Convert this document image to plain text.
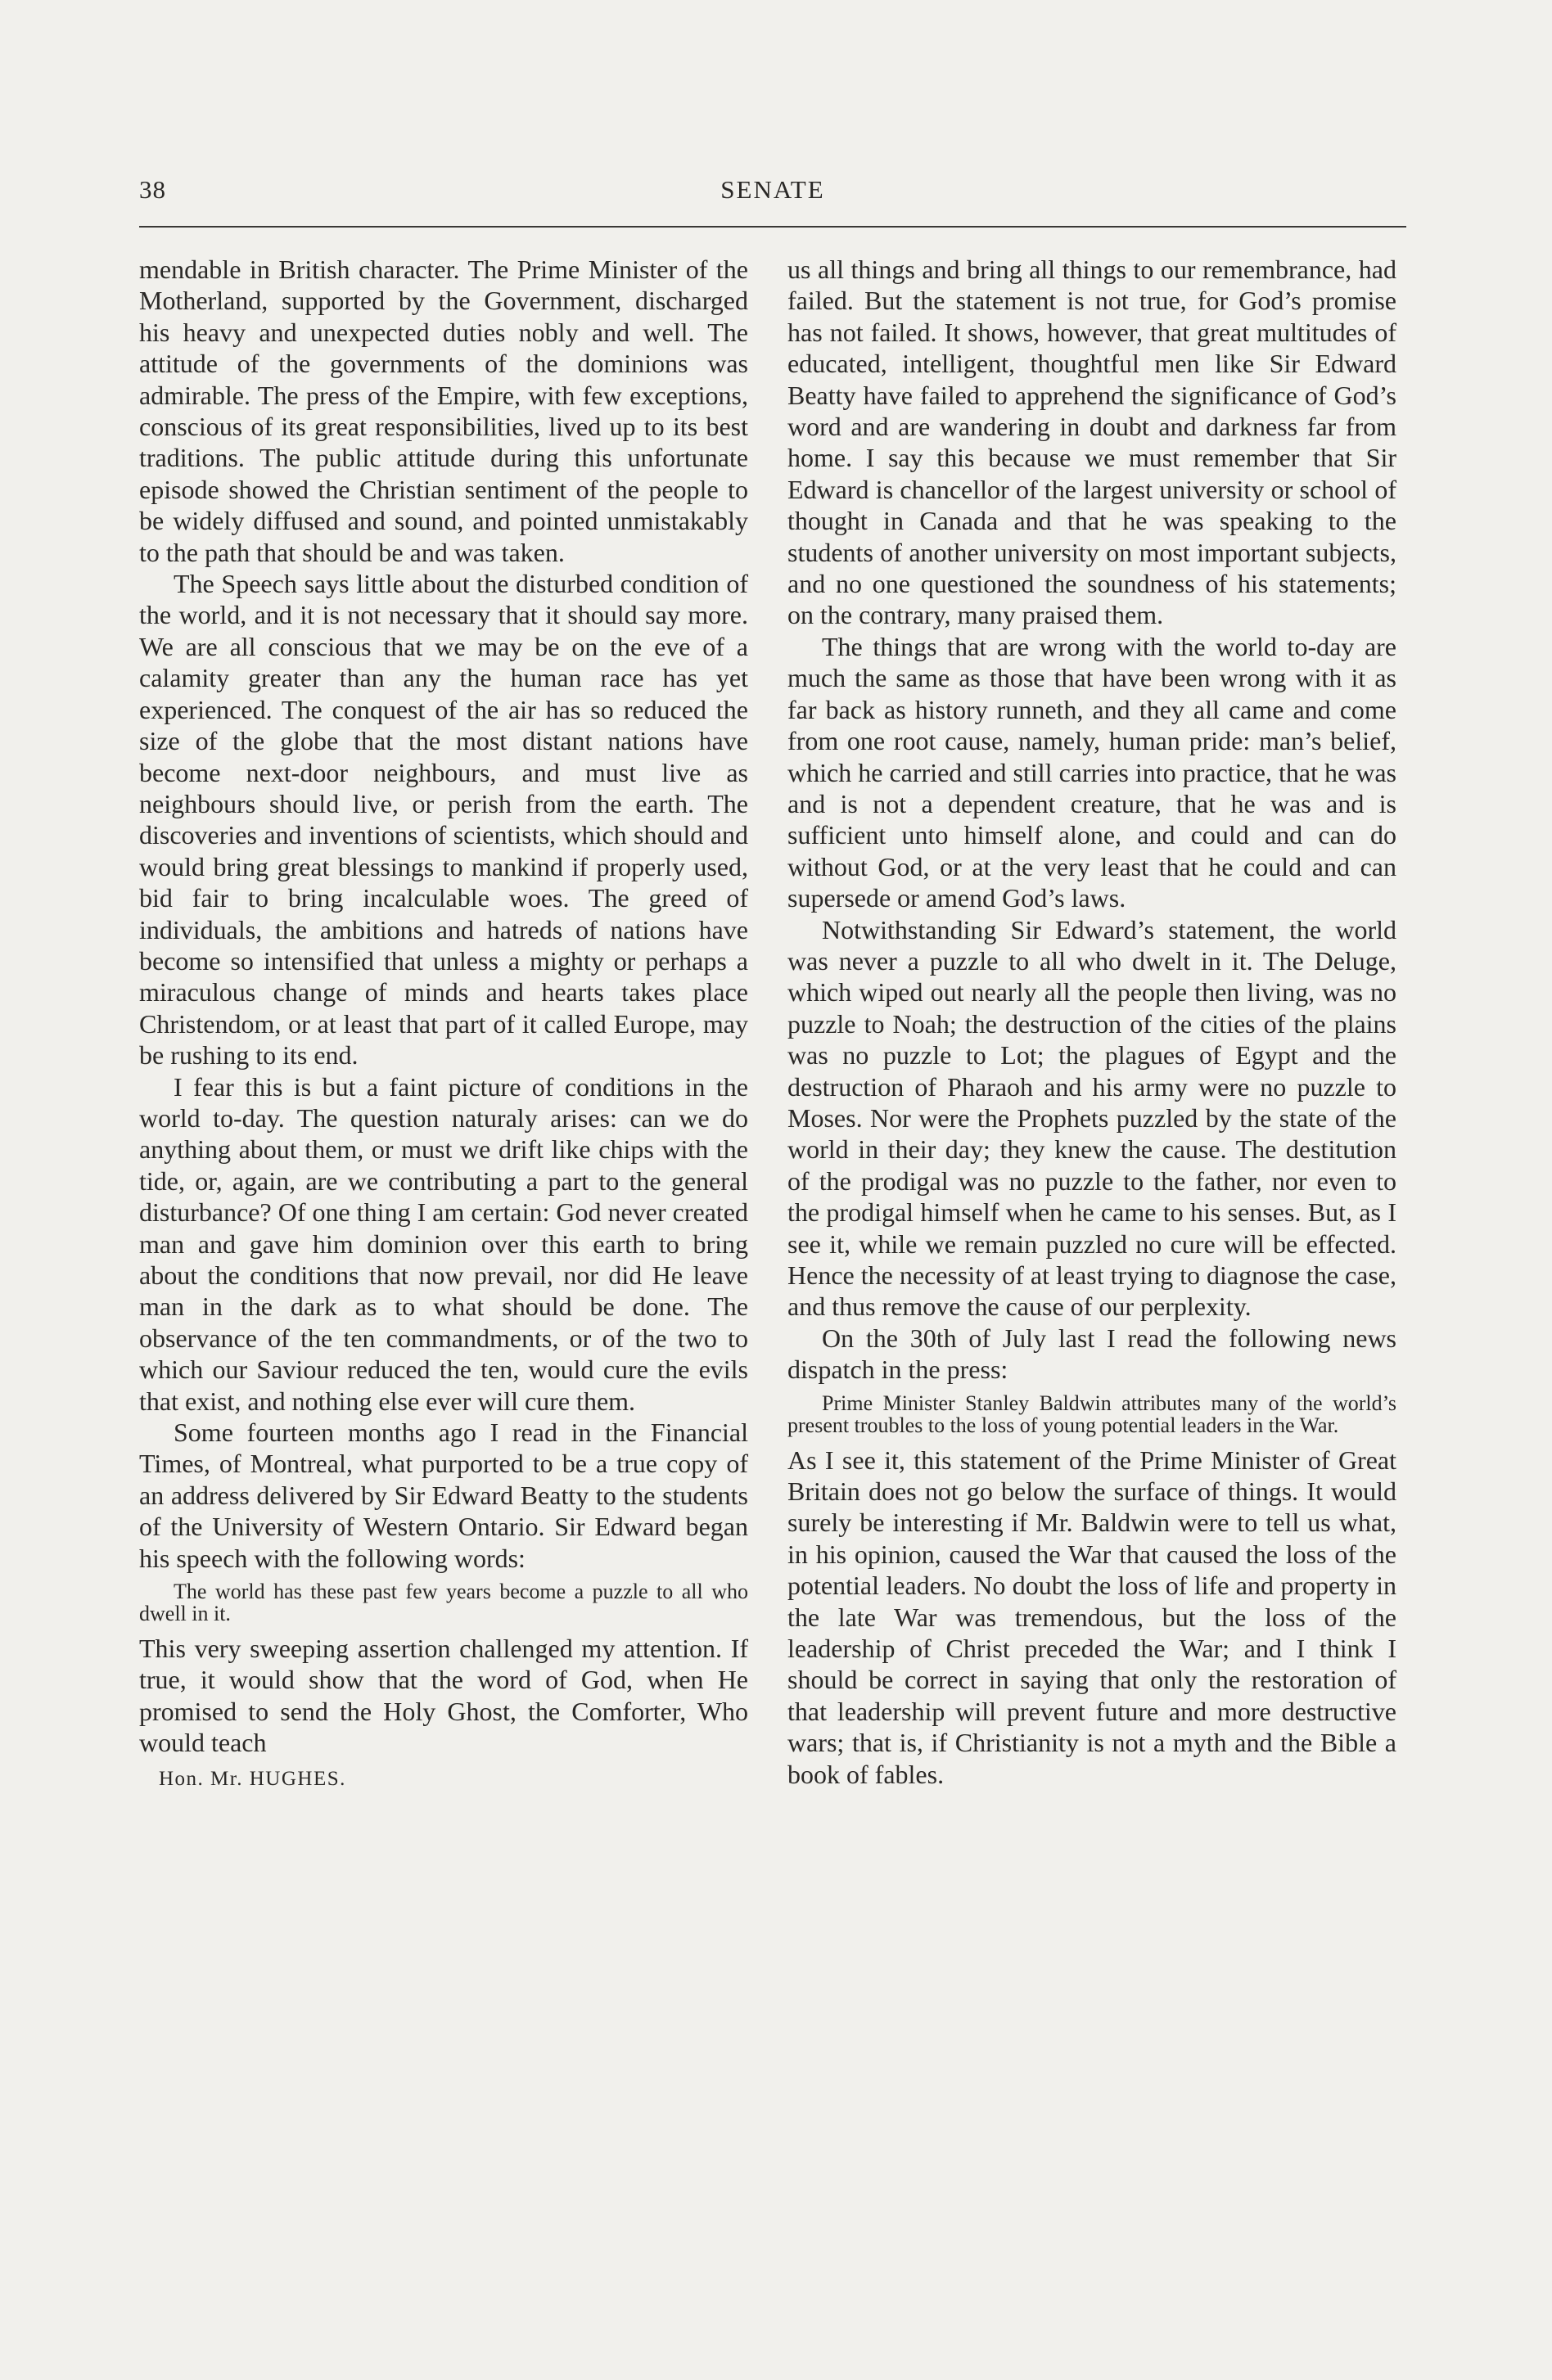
38	SENATE

mendable in British character. The Prime Minister of the Motherland, supported by the Government, discharged his heavy and unexpected duties nobly and well. The attitude of the governments of the dominions was admirable. The press of the Empire, with few exceptions, conscious of its great responsibilities, lived up to its best traditions. The public attitude during this unfortunate episode showed the Christian sentiment of the people to be widely diffused and sound, and pointed unmistakably to the path that should be and was taken.

The Speech says little about the disturbed condition of the world, and it is not necessary that it should say more. We are all conscious that we may be on the eve of a calamity greater than any the human race has yet experienced. The conquest of the air has so reduced the size of the globe that the most distant nations have become next-door neighbours, and must live as neighbours should live, or perish from the earth. The discoveries and inventions of scientists, which should and would bring great blessings to mankind if properly used, bid fair to bring incalculable woes. The greed of individuals, the ambitions and hatreds of nations have become so intensified that unless a mighty or perhaps a miraculous change of minds and hearts takes place Christendom, or at least that part of it called Europe, may be rushing to its end.

I fear this is but a faint picture of conditions in the world to-day. The question naturaly arises: can we do anything about them, or must we drift like chips with the tide, or, again, are we contributing a part to the general disturbance? Of one thing I am certain: God never created man and gave him dominion over this earth to bring about the conditions that now prevail, nor did He leave man in the dark as to what should be done. The observance of the ten commandments, or of the two to which our Saviour reduced the ten, would cure the evils that exist, and nothing else ever will cure them.

Some fourteen months ago I read in the Financial Times, of Montreal, what purported to be a true copy of an address delivered by Sir Edward Beatty to the students of the University of Western Ontario. Sir Edward began his speech with the following words:

The world has these past few years become a puzzle to all who dwell in it.

This very sweeping assertion challenged my attention. If true, it would show that the word of God, when He promised to send the Holy Ghost, the Comforter, Who would teach

Hon. Mr. HUGHES.

us all things and bring all things to our remembrance, had failed. But the statement is not true, for God’s promise has not failed. It shows, however, that great multitudes of educated, intelligent, thoughtful men like Sir Edward Beatty have failed to apprehend the significance of God’s word and are wandering in doubt and darkness far from home. I say this because we must remember that Sir Edward is chancellor of the largest university or school of thought in Canada and that he was speaking to the students of another university on most important subjects, and no one questioned the soundness of his statements; on the contrary, many praised them.

The things that are wrong with the world to-day are much the same as those that have been wrong with it as far back as history runneth, and they all came and come from one root cause, namely, human pride: man’s belief, which he carried and still carries into practice, that he was and is not a dependent creature, that he was and is sufficient unto himself alone, and could and can do without God, or at the very least that he could and can supersede or amend God’s laws.

Notwithstanding Sir Edward’s statement, the world was never a puzzle to all who dwelt in it. The Deluge, which wiped out nearly all the people then living, was no puzzle to Noah; the destruction of the cities of the plains was no puzzle to Lot; the plagues of Egypt and the destruction of Pharaoh and his army were no puzzle to Moses. Nor were the Prophets puzzled by the state of the world in their day; they knew the cause. The destitution of the prodigal was no puzzle to the father, nor even to the prodigal himself when he came to his senses. But, as I see it, while we remain puzzled no cure will be effected. Hence the necessity of at least trying to diagnose the case, and thus remove the cause of our perplexity.

On the 30th of July last I read the following news dispatch in the press:

Prime Minister Stanley Baldwin attributes many of the world’s present troubles to the loss of young potential leaders in the War.

As I see it, this statement of the Prime Minister of Great Britain does not go below the surface of things. It would surely be interesting if Mr. Baldwin were to tell us what, in his opinion, caused the War that caused the loss of the potential leaders. No doubt the loss of life and property in the late War was tremendous, but the loss of the leadership of Christ preceded the War; and I think I should be correct in saying that only the restoration of that leadership will prevent future and more destructive wars; that is, if Christianity is not a myth and the Bible a book of fables.
